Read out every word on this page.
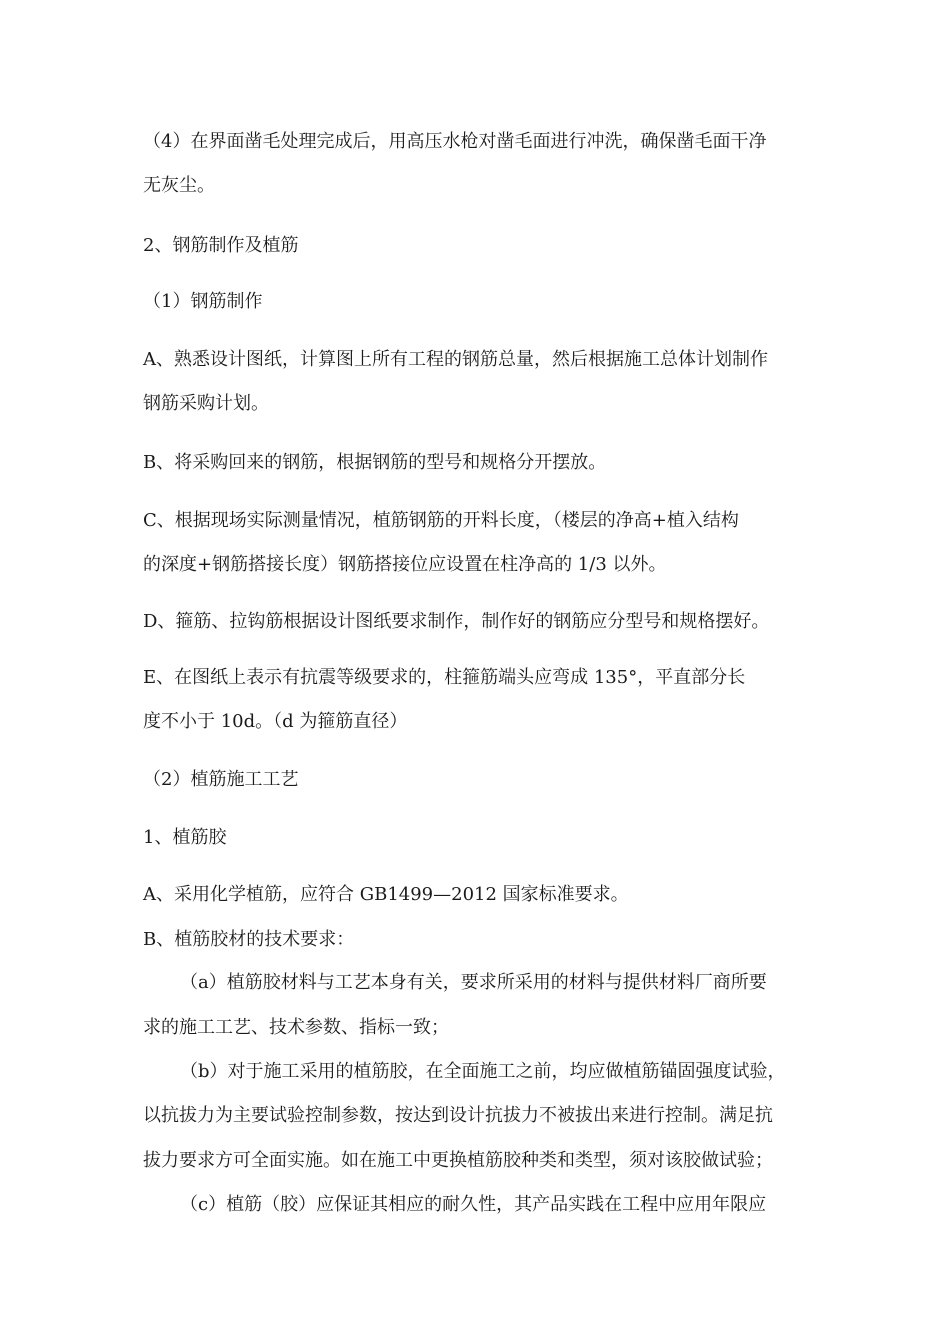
（4）在界面凿毛处理完成后，用高压水枪对凿毛面进行冲洗，确保凿毛面干净
无灰尘。
2、钢筋制作及植筋
（1）钢筋制作
A、熟悉设计图纸，计算图上所有工程的钢筋总量，然后根据施工总体计划制作
钢筋采购计划。
B、将采购回来的钢筋，根据钢筋的型号和规格分开摆放。
C、根据现场实际测量情况，植筋钢筋的开料长度，（楼层的净高+植入结构
的深度+钢筋搭接长度）钢筋搭接位应设置在柱净高的 1/3 以外。
D、箍筋、拉钩筋根据设计图纸要求制作，制作好的钢筋应分型号和规格摆好。
E、在图纸上表示有抗震等级要求的，柱箍筋端头应弯成 135°，平直部分长
度不小于 10d。（d 为箍筋直径）
（2）植筋施工工艺
1、植筋胶
A、采用化学植筋，应符合 GB1499—2012 国家标准要求。
B、植筋胶材的技术要求：
（a）植筋胶材料与工艺本身有关，要求所采用的材料与提供材料厂商所要
求的施工工艺、技术参数、指标一致；
（b）对于施工采用的植筋胶，在全面施工之前，均应做植筋锚固强度试验，
以抗拔力为主要试验控制参数，按达到设计抗拔力不被拔出来进行控制。满足抗
拔力要求方可全面实施。如在施工中更换植筋胶种类和类型，须对该胶做试验；
（c）植筋（胶）应保证其相应的耐久性，其产品实践在工程中应用年限应
